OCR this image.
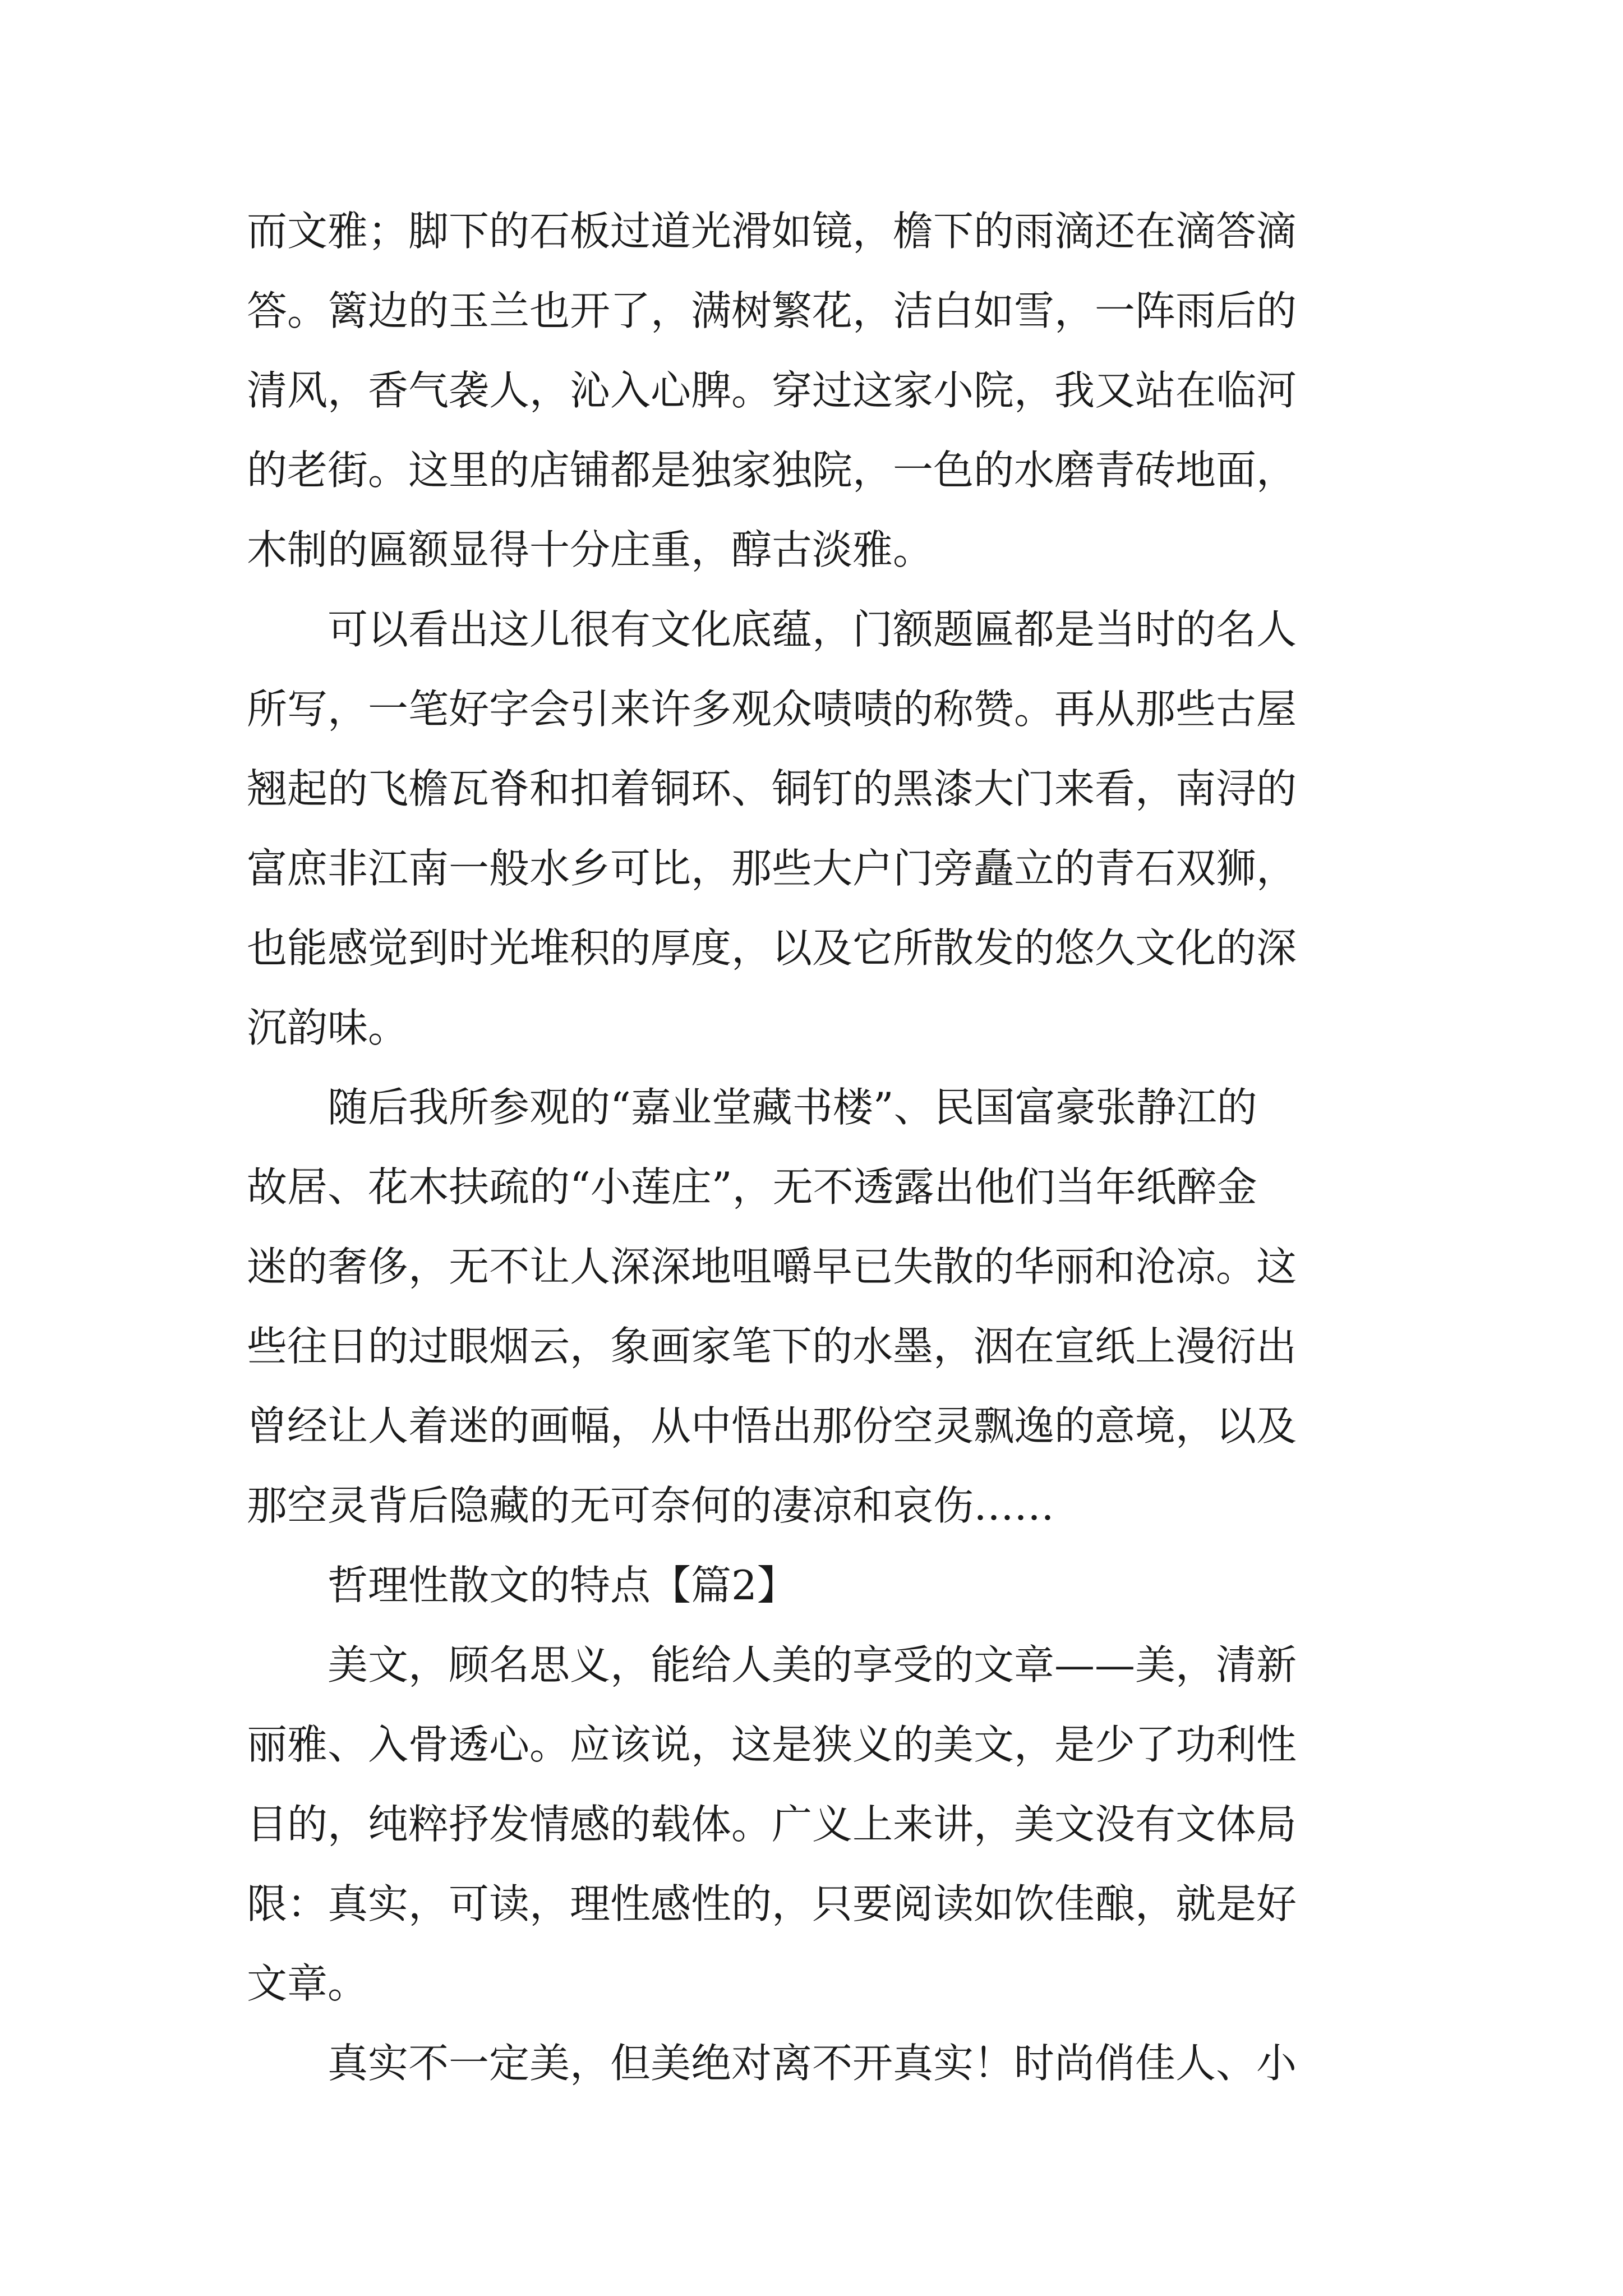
而文雅；脚下的石板过道光滑如镜，檐下的雨滴还在滴答滴
答。篱边的玉兰也开了，满树繁花，洁白如雪，一阵雨后的
清风，香气袭人，沁入心脾。穿过这家小院，我又站在临河
的老街。这里的店铺都是独家独院，一色的水磨青砖地面，
木制的匾额显得十分庄重，醇古淡雅。
　　可以看出这儿很有文化底蕴，门额题匾都是当时的名人
所写，一笔好字会引来许多观众啧啧的称赞。再从那些古屋
翘起的飞檐瓦脊和扣着铜环、铜钉的黑漆大门来看，南浔的
富庶非江南一般水乡可比，那些大户门旁矗立的青石双狮，
也能感觉到时光堆积的厚度，以及它所散发的悠久文化的深
沉韵味。
　　随后我所参观的“嘉业堂藏书楼”、民国富豪张静江的
故居、花木扶疏的“小莲庄”，无不透露出他们当年纸醉金
迷的奢侈，无不让人深深地咀嚼早已失散的华丽和沧凉。这
些往日的过眼烟云，象画家笔下的水墨，洇在宣纸上漫衍出
曾经让人着迷的画幅，从中悟出那份空灵飘逸的意境，以及
那空灵背后隐藏的无可奈何的凄凉和哀伤……
　　哲理性散文的特点【篇2】
　　美文，顾名思义，能给人美的享受的文章——美，清新
丽雅、入骨透心。应该说，这是狭义的美文，是少了功利性
目的，纯粹抒发情感的载体。广义上来讲，美文没有文体局
限：真实，可读，理性感性的，只要阅读如饮佳酿，就是好
文章。
　　真实不一定美，但美绝对离不开真实！时尚俏佳人、小
